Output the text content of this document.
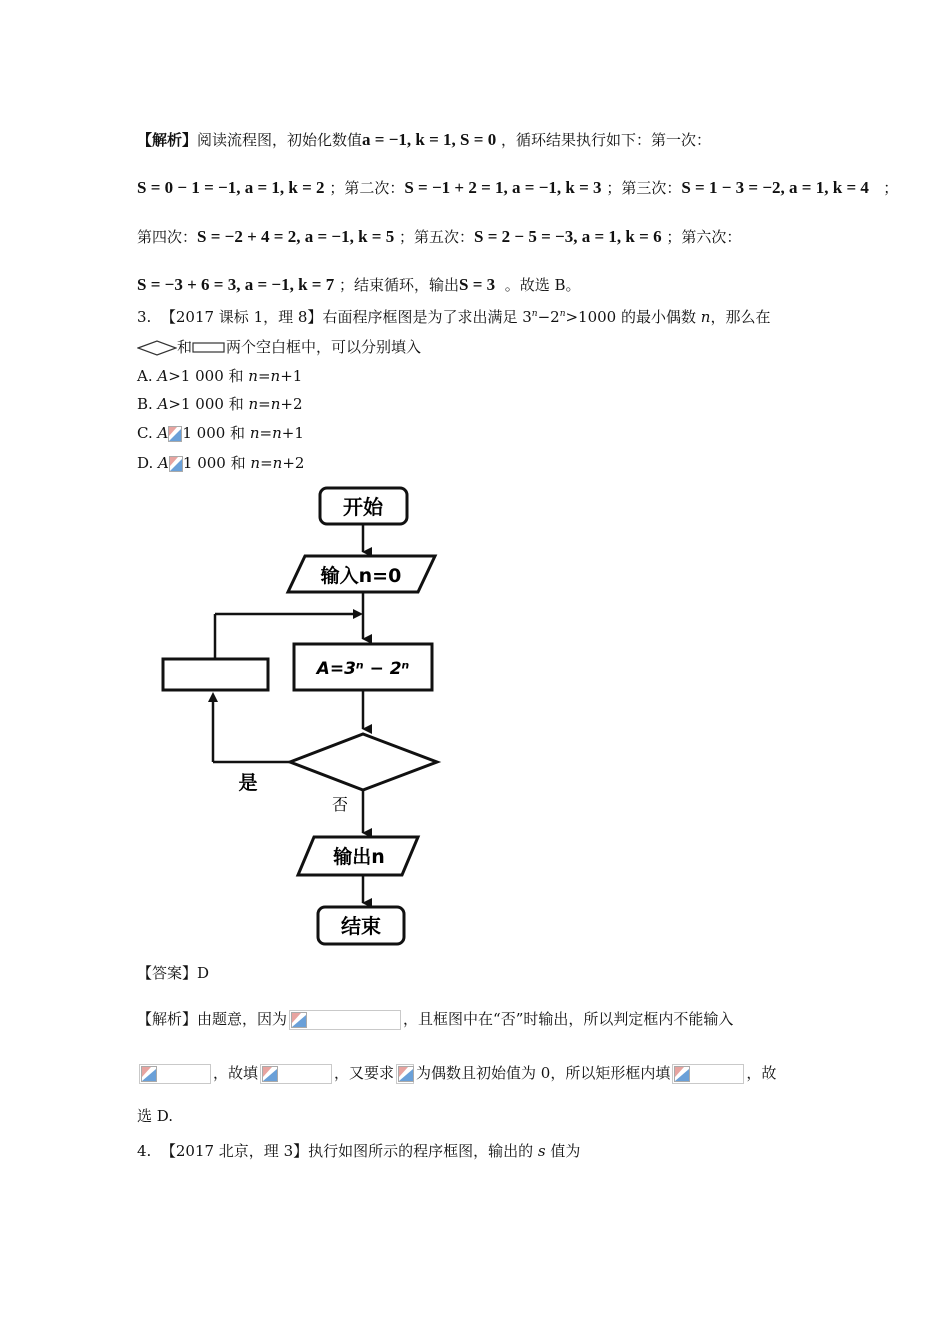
【解析】阅读流程图，初始化数值a = −1, k = 1, S = 0 ，循环结果执行如下：第一次：
S = 0 − 1 = −1, a = 1, k = 2 ；第二次：S = −1 + 2 = 1, a = −1, k = 3 ；第三次：S = 1 − 3 = −2, a = 1, k = 4 ；
第四次：S = −2 + 4 = 2, a = −1, k = 5 ；第五次：S = 2 − 5 = −3, a = 1, k = 6 ；第六次：
S = −3 + 6 = 3, a = −1, k = 7 ；结束循环，输出S = 3 。故选 B。
3. 【2017 课标 1，理 8】右面程序框图是为了求出满足 $3^n-2^n>1000$ 的最小偶数 n，那么在
和 两个空白框中，可以分别填入
A. A>1 000 和 n=n+1
B. A>1 000 和 n=n+2
C. A 1 000 和 n=n+1
D. A 1 000 和 n=n+2
开始
输入n=0
A=3ⁿ − 2ⁿ
是
否
输出n
结束
【答案】D
【解析】由题意，因为	，且框图中在“否”时输出，所以判定框内不能输入
，故填	，又要求 为偶数且初始值为 0，所以矩形框内填	，故
选 D.
4. 【2017 北京，理 3】执行如图所示的程序框图，输出的 s 值为
